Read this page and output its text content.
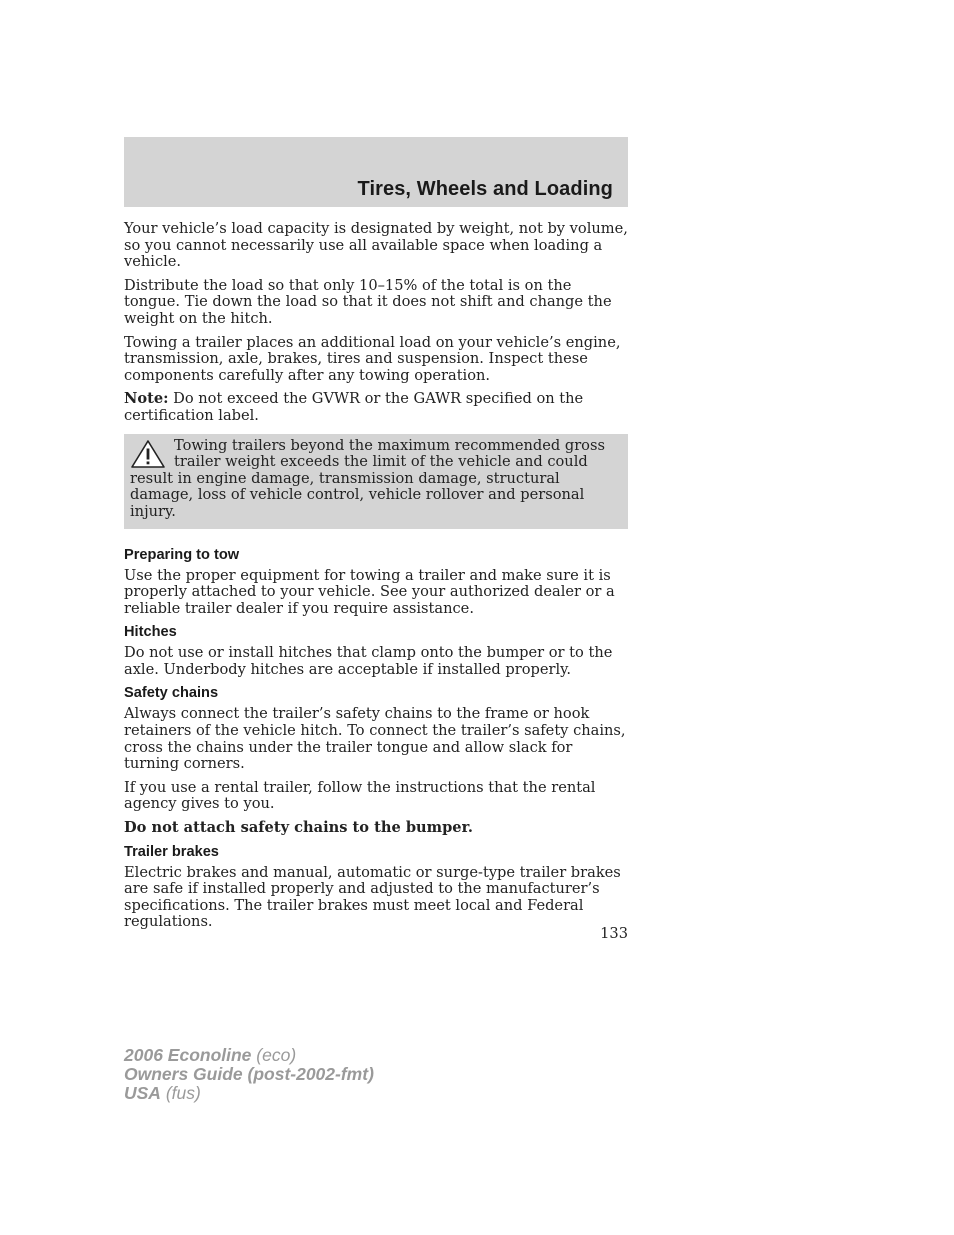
Tires, Wheels and Loading

Your vehicle’s load capacity is designated by weight, not by volume, so you cannot necessarily use all available space when loading a vehicle.

Distribute the load so that only 10–15% of the total is on the tongue. Tie down the load so that it does not shift and change the weight on the hitch.

Towing a trailer places an additional load on your vehicle’s engine, transmission, axle, brakes, tires and suspension. Inspect these components carefully after any towing operation.

Note: Do not exceed the GVWR or the GAWR specified on the certification label.

Towing trailers beyond the maximum recommended gross trailer weight exceeds the limit of the vehicle and could result in engine damage, transmission damage, structural damage, loss of vehicle control, vehicle rollover and personal injury.

Preparing to tow

Use the proper equipment for towing a trailer and make sure it is properly attached to your vehicle. See your authorized dealer or a reliable trailer dealer if you require assistance.

Hitches

Do not use or install hitches that clamp onto the bumper or to the axle. Underbody hitches are acceptable if installed properly.

Safety chains

Always connect the trailer’s safety chains to the frame or hook retainers of the vehicle hitch. To connect the trailer’s safety chains, cross the chains under the trailer tongue and allow slack for turning corners.

If you use a rental trailer, follow the instructions that the rental agency gives to you.

Do not attach safety chains to the bumper.

Trailer brakes

Electric brakes and manual, automatic or surge-type trailer brakes are safe if installed properly and adjusted to the manufacturer’s specifications. The trailer brakes must meet local and Federal regulations.

133
2006 Econoline (eco)
Owners Guide (post-2002-fmt)
USA (fus)
